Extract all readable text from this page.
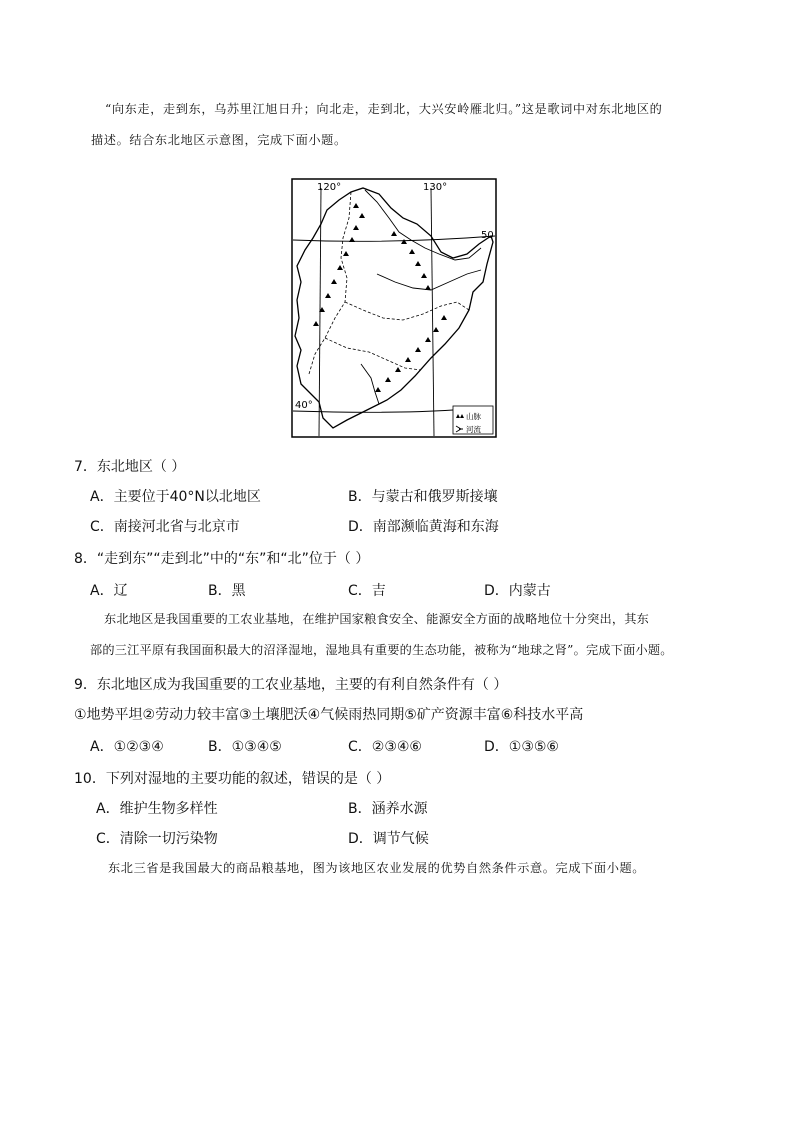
“向东走，走到东，乌苏里江旭日升；向北走，走到北，大兴安岭雁北归。”这是歌词中对东北地区的
描述。结合东北地区示意图，完成下面小题。
120°	130°
50
40°
山脉
河流
7．东北地区（ ）
A．主要位于40°N以北地区	B．与蒙古和俄罗斯接壤
C．南接河北省与北京市	D．南部濒临黄海和东海
8．“走到东”“走到北”中的“东”和“北”位于（ ）
A．辽	B．黑	C．吉	D．内蒙古
东北地区是我国重要的工农业基地，在维护国家粮食安全、能源安全方面的战略地位十分突出，其东
部的三江平原有我国面积最大的沼泽湿地，湿地具有重要的生态功能，被称为“地球之肾”。完成下面小题。
9．东北地区成为我国重要的工农业基地，主要的有利自然条件有（ ）
①地势平坦②劳动力较丰富③土壤肥沃④气候雨热同期⑤矿产资源丰富⑥科技水平高
A．①②③④	B．①③④⑤	C．②③④⑥	D．①③⑤⑥
10．下列对湿地的主要功能的叙述，错误的是（ ）
A．维护生物多样性	B．涵养水源
C．清除一切污染物	D．调节气候
东北三省是我国最大的商品粮基地，图为该地区农业发展的优势自然条件示意。完成下面小题。
